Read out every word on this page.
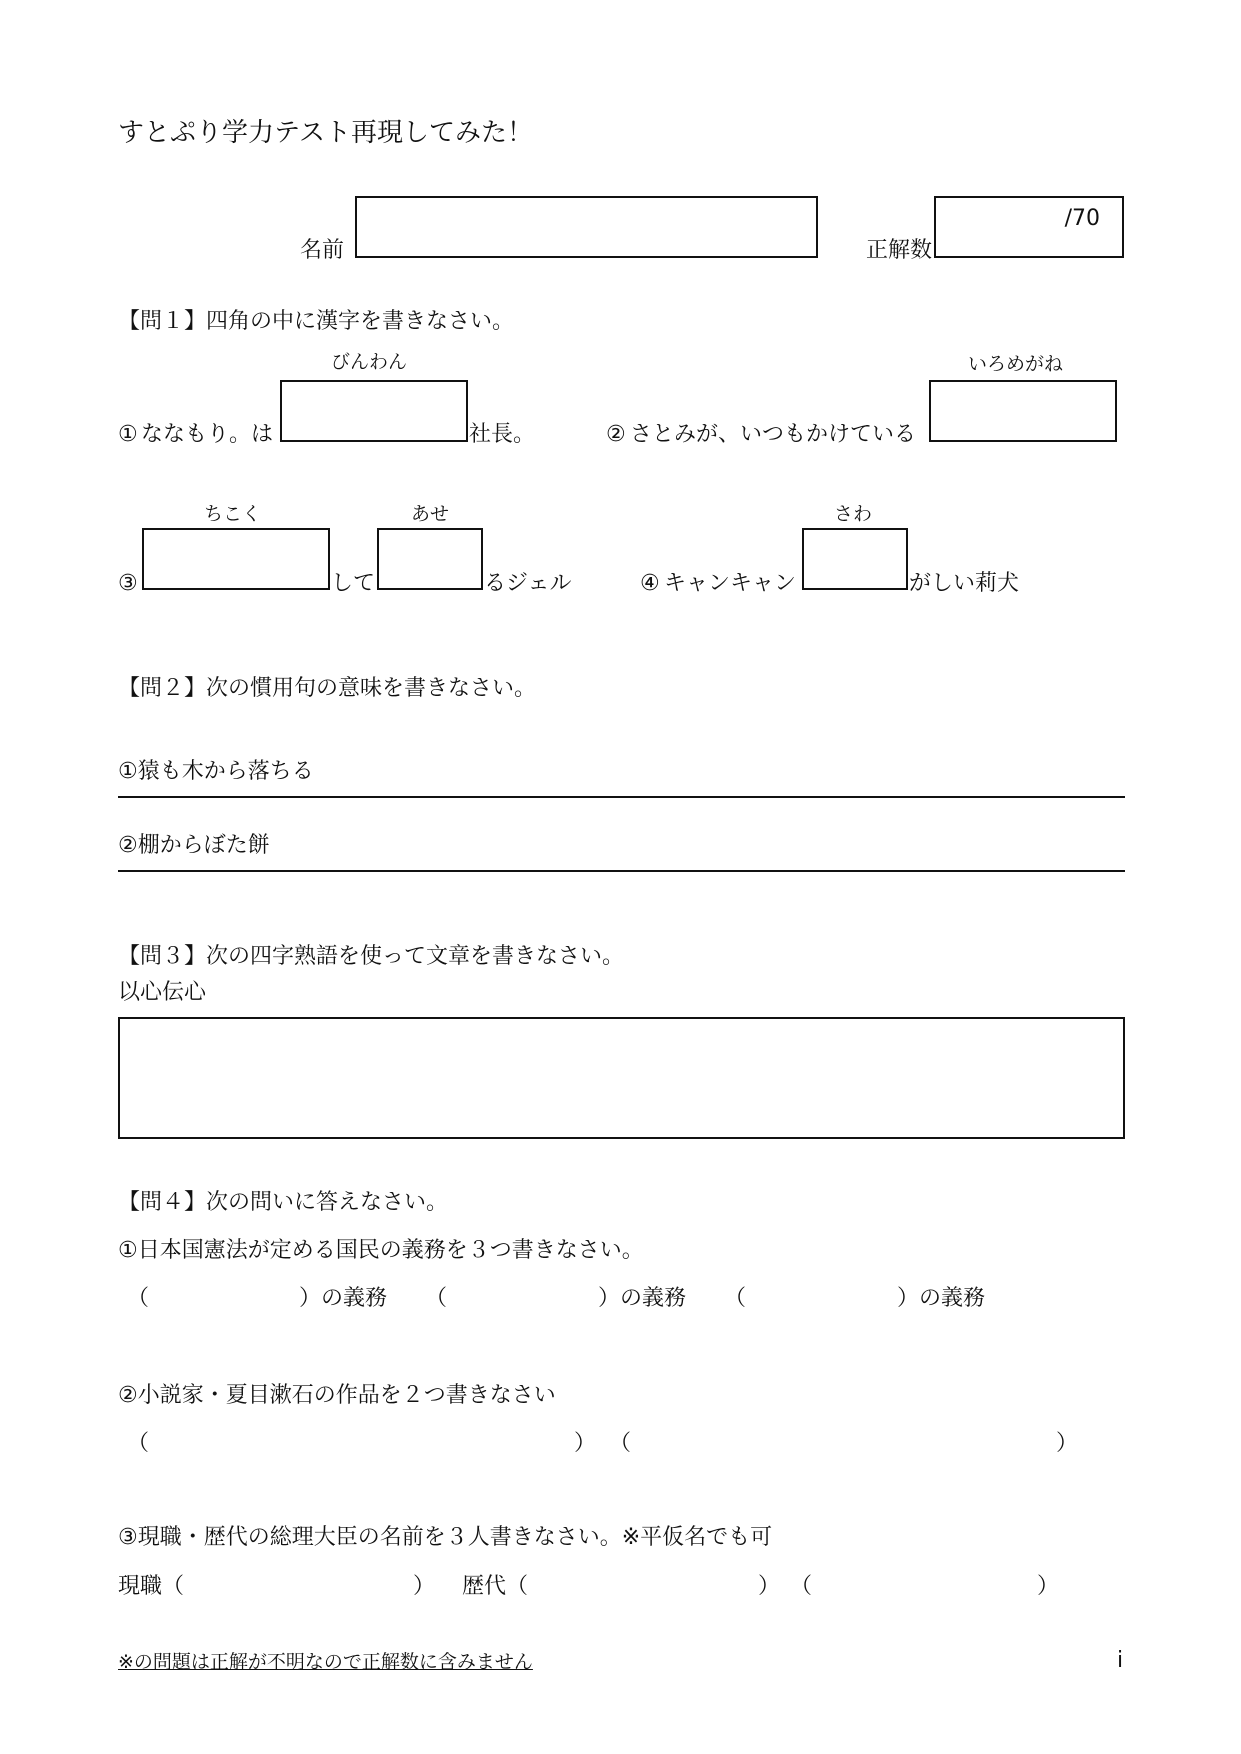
すとぷり学力テスト再現してみた！
名前	正解数
/70
【問１】四角の中に漢字を書きなさい。
びんわん
① ななもり。は	社長。
いろめがね
② さとみが、いつもかけている
ちこく	あせ
③	して	るジェル
さわ
④ キャンキャン	がしい莉犬
【問２】次の慣用句の意味を書きなさい。
①猿も木から落ちる
②棚からぼた餅
【問３】次の四字熟語を使って文章を書きなさい。
以心伝心
【問４】次の問いに答えなさい。
①日本国憲法が定める国民の義務を３つ書きなさい。
（	）の義務 （	）の義務 （	）の義務
②小説家・夏目漱石の作品を２つ書きなさい
（	） （	）
③現職・歴代の総理大臣の名前を３人書きなさい。※平仮名でも可
現職（	） 歴代（	） （	）
※の問題は正解が不明なので正解数に含みません	i
